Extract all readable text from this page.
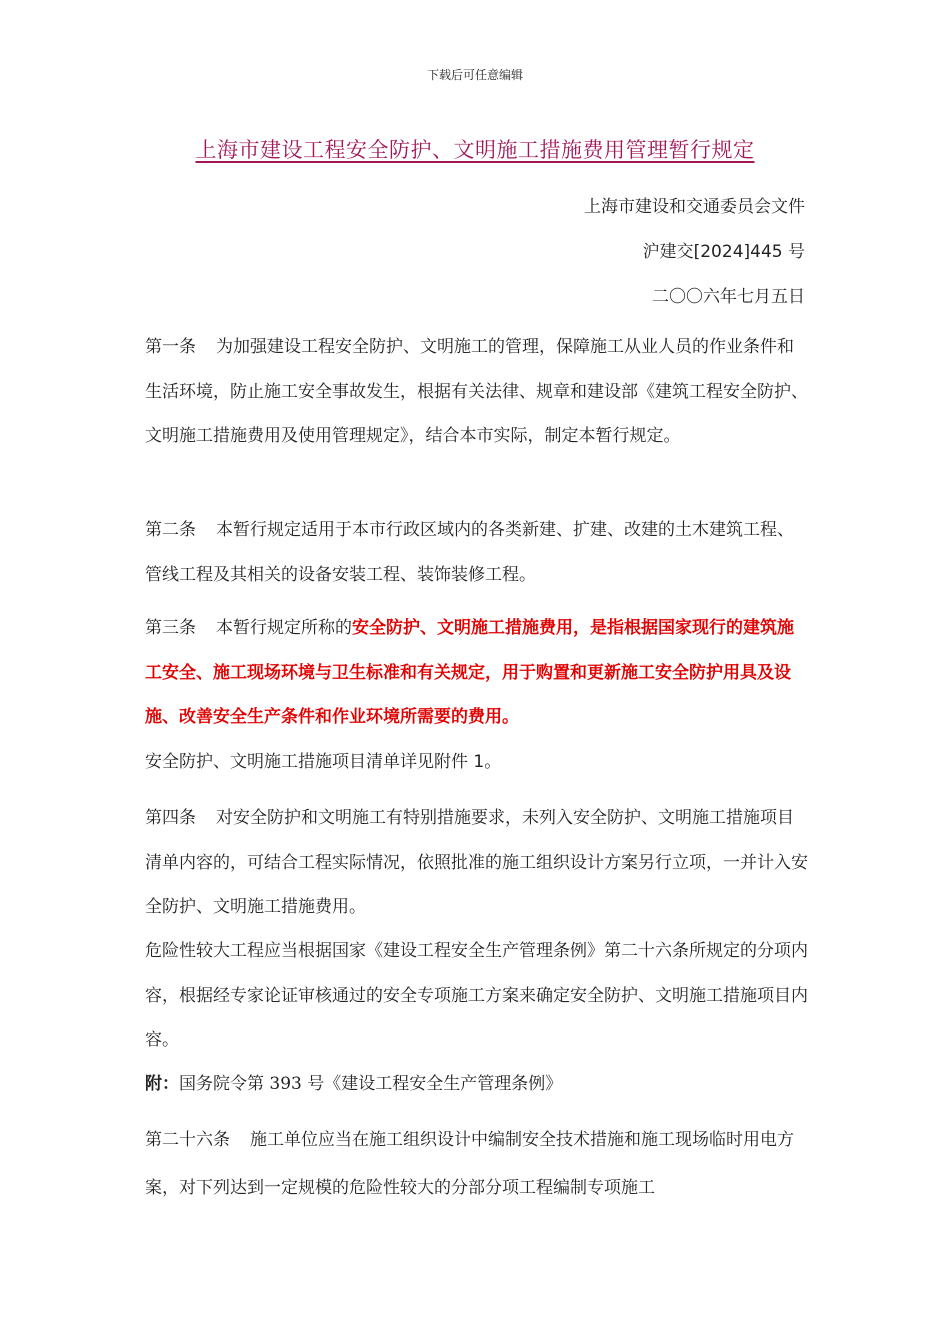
下载后可任意编辑
上海市建设工程安全防护、文明施工措施费用管理暂行规定
上海市建设和交通委员会文件
沪建交[2024]445 号
二〇〇六年七月五日
第一条 为加强建设工程安全防护、文明施工的管理，保障施工从业人员的作业条件和生活环境，防止施工安全事故发生，根据有关法律、规章和建设部《建筑工程安全防护、文明施工措施费用及使用管理规定》，结合本市实际，制定本暂行规定。
第二条 本暂行规定适用于本市行政区域内的各类新建、扩建、改建的土木建筑工程、管线工程及其相关的设备安装工程、装饰装修工程。
第三条 本暂行规定所称的安全防护、文明施工措施费用，是指根据国家现行的建筑施工安全、施工现场环境与卫生标准和有关规定，用于购置和更新施工安全防护用具及设施、改善安全生产条件和作业环境所需要的费用。
安全防护、文明施工措施项目清单详见附件 1。
第四条 对安全防护和文明施工有特别措施要求，未列入安全防护、文明施工措施项目清单内容的，可结合工程实际情况，依照批准的施工组织设计方案另行立项，一并计入安全防护、文明施工措施费用。
危险性较大工程应当根据国家《建设工程安全生产管理条例》第二十六条所规定的分项内容，根据经专家论证审核通过的安全专项施工方案来确定安全防护、文明施工措施项目内容。
附：国务院令第 393 号《建设工程安全生产管理条例》
第二十六条 施工单位应当在施工组织设计中编制安全技术措施和施工现场临时用电方案，对下列达到一定规模的危险性较大的分部分项工程编制专项施工
